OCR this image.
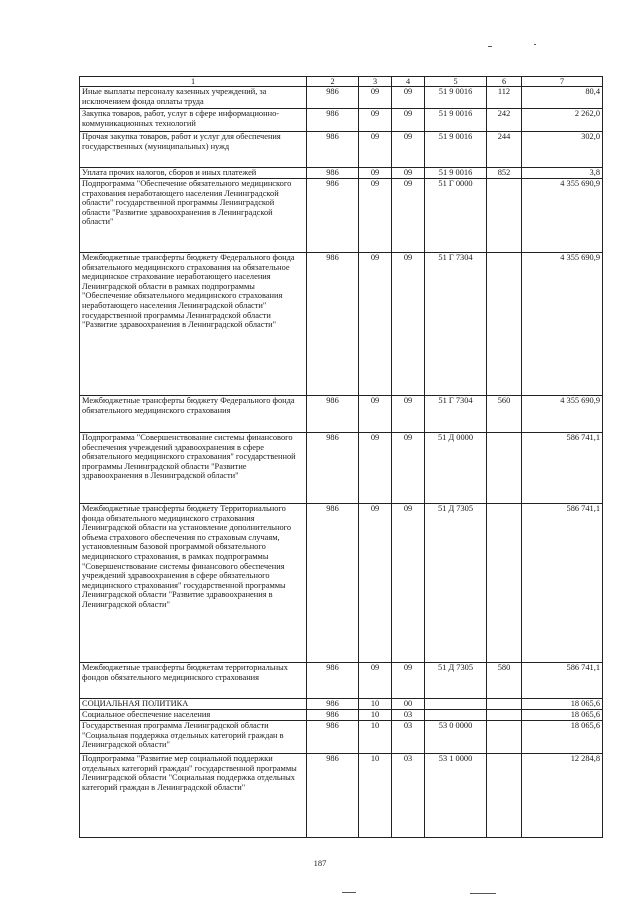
1	2	3	4	5	6	7
Иные выплаты персоналу казенных учреждений, за исключением фонда оплаты труда	986	09	09	51 9 0016	112	80,4
Закупка товаров, работ, услуг в сфере информационно-коммуникационных технологий	986	09	09	51 9 0016	242	2 262,0
Прочая закупка товаров, работ и услуг для обеспечения государственных (муниципальных) нужд	986	09	09	51 9 0016	244	302,0
Уплата прочих налогов, сборов и иных платежей	986	09	09	51 9 0016	852	3,8
Подпрограмма "Обеспечение обязательного медицинского страхования неработающего населения Ленинградской области" государственной программы Ленинградской области "Развитие здравоохранения в Ленинградской области"	986	09	09	51 Г 0000		4 355 690,9
Межбюджетные трансферты бюджету Федерального фонда обязательного медицинского страхования на обязательное медицинское страхование неработающего населения Ленинградской области в рамках подпрограммы "Обеспечение обязательного медицинского страхования неработающего населения Ленинградской области" государственной программы Ленинградской области "Развитие здравоохранения в Ленинградской области"	986	09	09	51 Г 7304		4 355 690,9
Межбюджетные трансферты бюджету Федерального фонда обязательного медицинского страхования	986	09	09	51 Г 7304	560	4 355 690,9
Подпрограмма "Совершенствование системы финансового обеспечения учреждений здравоохранения в сфере обязательного медицинского страхования" государственной программы Ленинградской области "Развитие здравоохранения в Ленинградской области"	986	09	09	51 Д 0000		586 741,1
Межбюджетные трансферты бюджету Территориального фонда обязательного медицинского страхования Ленинградской области на установление дополнительного объема страхового обеспечения по страховым случаям, установленным базовой программой обязательного медицинского страхования, в рамках подпрограммы "Совершенствование системы финансового обеспечения учреждений здравоохранения в сфере обязательного медицинского страхования" государственной программы Ленинградской области "Развитие здравоохранения в Ленинградской области"	986	09	09	51 Д 7305		586 741,1
Межбюджетные трансферты бюджетам территориальных фондов обязательного медицинского страхования	986	09	09	51 Д 7305	580	586 741,1
СОЦИАЛЬНАЯ ПОЛИТИКА	986	10	00			18 065,6
Социальное обеспечение населения	986	10	03			18 065,6
Государственная программа Ленинградской области "Социальная поддержка отдельных категорий граждан в Ленинградской области"	986	10	03	53 0 0000		18 065,6
Подпрограмма "Развитие мер социальной поддержки отдельных категорий граждан" государственной программы Ленинградской области "Социальная поддержка отдельных категорий граждан в Ленинградской области"	986	10	03	53 1 0000		12 284,8
187
